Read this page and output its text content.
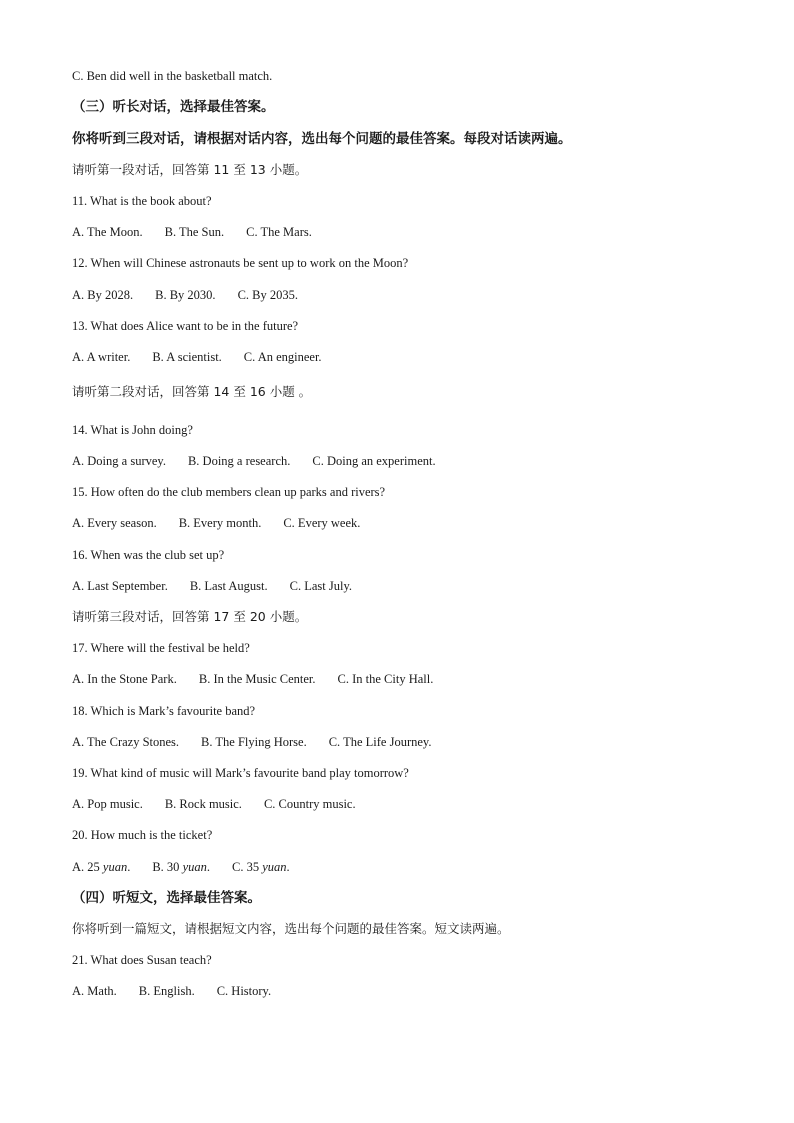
C. Ben did well in the basketball match.
（三）听长对话，选择最佳答案。
你将听到三段对话，请根据对话内容，选出每个问题的最佳答案。每段对话读两遍。
请听第一段对话，回答第 11 至 13 小题。
11. What is the book about?
A. The Moon. B. The Sun. C. The Mars.
12. When will Chinese astronauts be sent up to work on the Moon?
A. By 2028. B. By 2030. C. By 2035.
13. What does Alice want to be in the future?
A. A writer. B. A scientist. C. An engineer.
请听第二段对话，回答第 14 至 16 小题 。
14. What is John doing?
A. Doing a survey. B. Doing a research. C. Doing an experiment.
15. How often do the club members clean up parks and rivers?
A. Every season. B. Every month. C. Every week.
16. When was the club set up?
A. Last September. B. Last August. C. Last July.
请听第三段对话，回答第 17 至 20 小题。
17. Where will the festival be held?
A. In the Stone Park. B. In the Music Center. C. In the City Hall.
18. Which is Mark’s favourite band?
A. The Crazy Stones. B. The Flying Horse. C. The Life Journey.
19. What kind of music will Mark’s favourite band play tomorrow?
A. Pop music. B. Rock music. C. Country music.
20. How much is the ticket?
A. 25 yuan. B. 30 yuan. C. 35 yuan.
（四）听短文，选择最佳答案。
你将听到一篇短文，请根据短文内容，选出每个问题的最佳答案。短文读两遍。
21. What does Susan teach?
A. Math. B. English. C. History.
